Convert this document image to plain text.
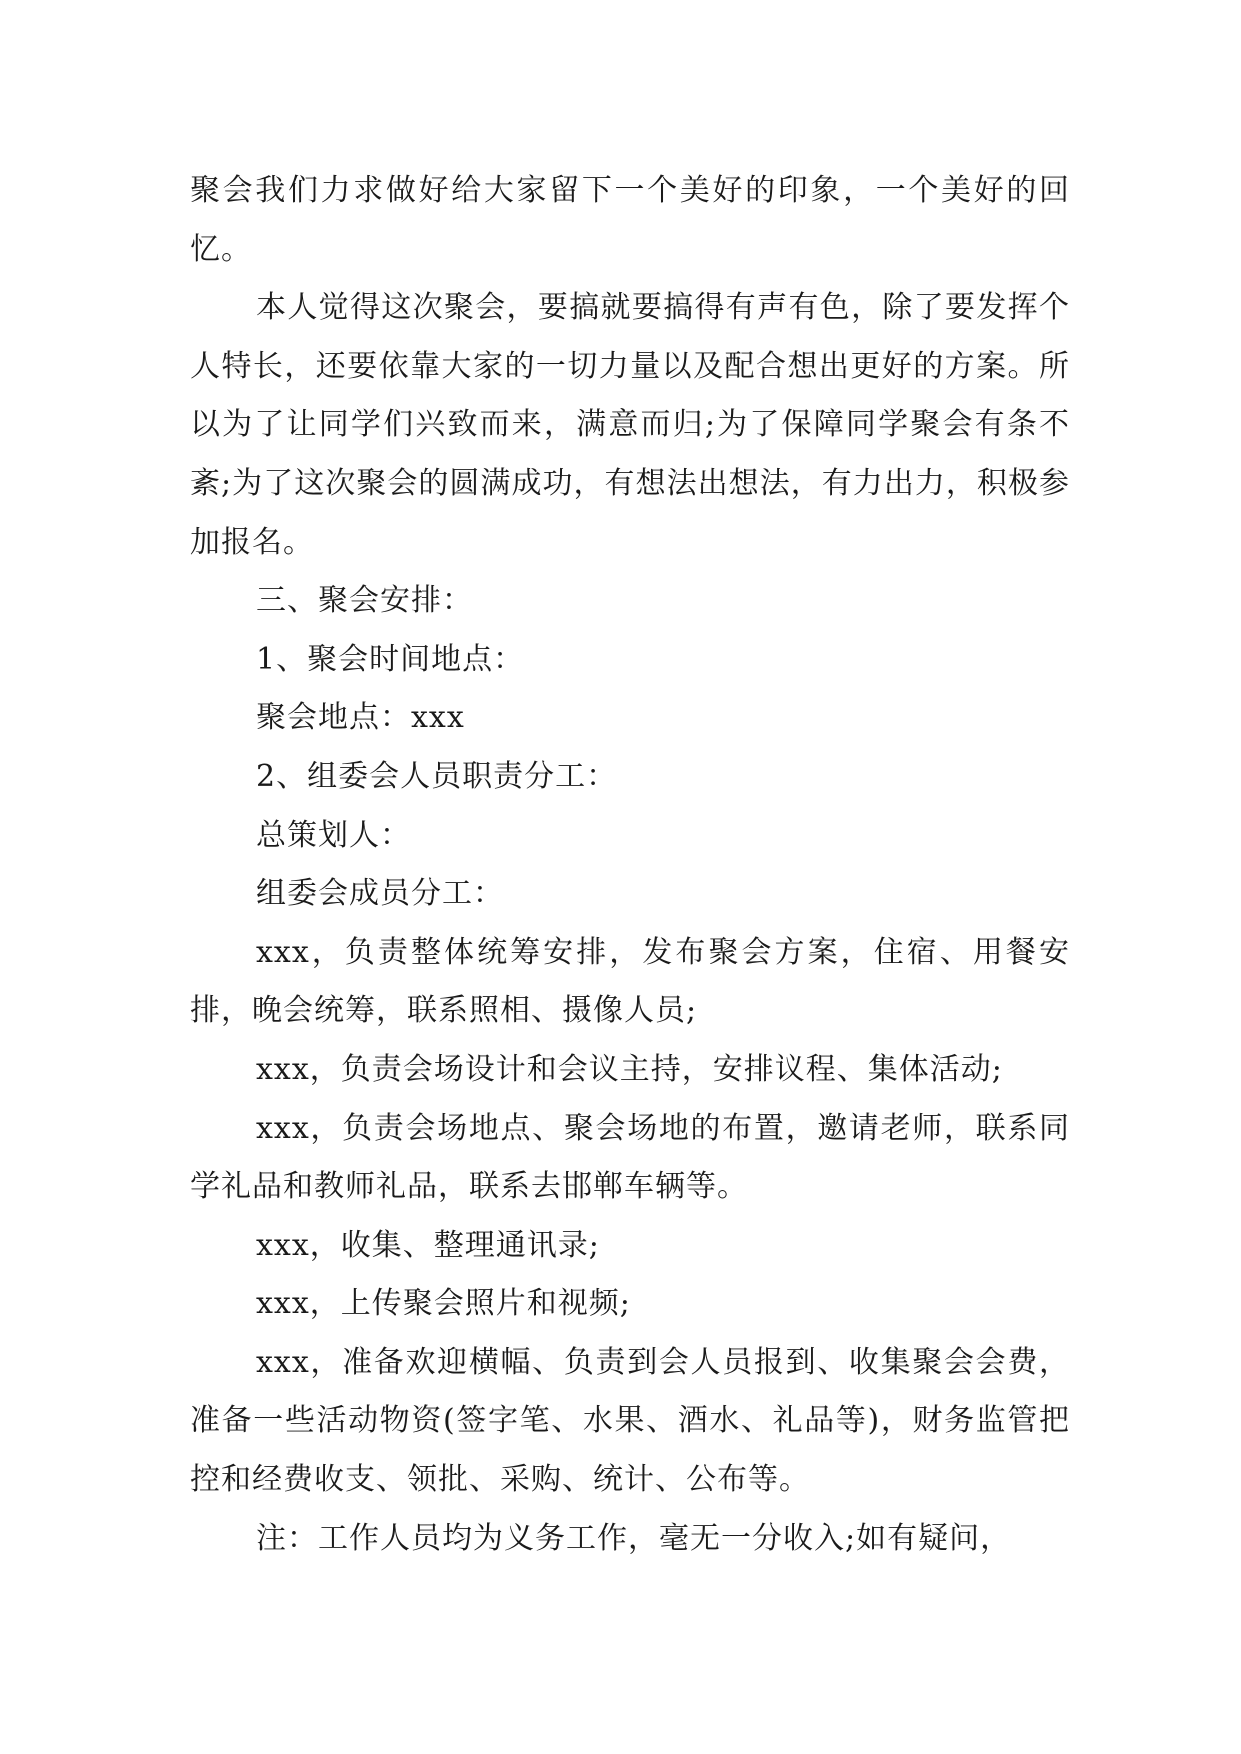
聚会我们力求做好给大家留下一个美好的印象，一个美好的回忆。

本人觉得这次聚会，要搞就要搞得有声有色，除了要发挥个人特长，还要依靠大家的一切力量以及配合想出更好的方案。所以为了让同学们兴致而来，满意而归;为了保障同学聚会有条不紊;为了这次聚会的圆满成功，有想法出想法，有力出力，积极参加报名。

三、聚会安排：

1、聚会时间地点：

聚会地点：xxx

2、组委会人员职责分工：

总策划人：

组委会成员分工：

xxx，负责整体统筹安排，发布聚会方案，住宿、用餐安排，晚会统筹，联系照相、摄像人员;

xxx，负责会场设计和会议主持，安排议程、集体活动;

xxx，负责会场地点、聚会场地的布置，邀请老师，联系同学礼品和教师礼品，联系去邯郸车辆等。

xxx，收集、整理通讯录;

xxx，上传聚会照片和视频;

xxx，准备欢迎横幅、负责到会人员报到、收集聚会会费，准备一些活动物资(签字笔、水果、酒水、礼品等)，财务监管把控和经费收支、领批、采购、统计、公布等。

注：工作人员均为义务工作，毫无一分收入;如有疑问，
